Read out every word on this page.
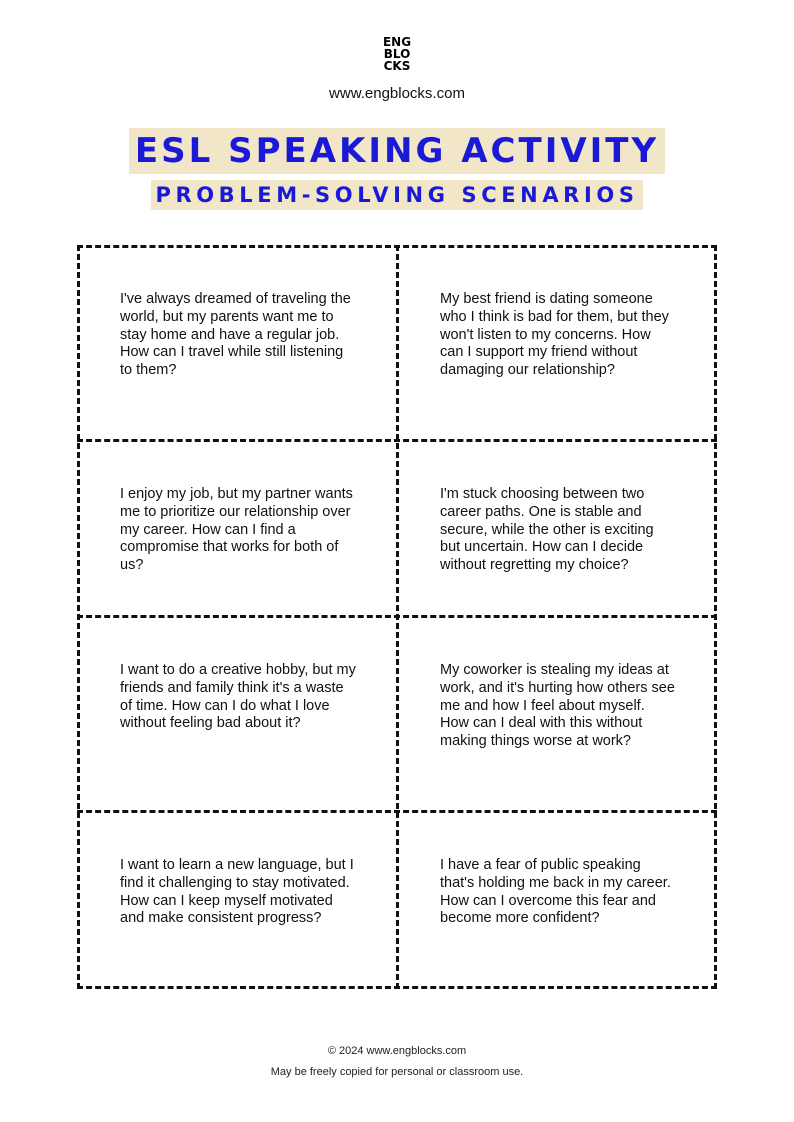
ENG
BLO
CKS
www.engblocks.com
ESL SPEAKING ACTIVITY
PROBLEM-SOLVING SCENARIOS
I've always dreamed of traveling the world, but my parents want me to stay home and have a regular job. How can I travel while still listening to them?
My best friend is dating someone who I think is bad for them, but they won't listen to my concerns. How can I support my friend without damaging our relationship?
I enjoy my job, but my partner wants me to prioritize our relationship over my career. How can I find a compromise that works for both of us?
I'm stuck choosing between two career paths. One is stable and secure, while the other is exciting but uncertain. How can I decide without regretting my choice?
I want to do a creative hobby, but my friends and family think it's a waste of time. How can I do what I love without feeling bad about it?
My coworker is stealing my ideas at work, and it's hurting how others see me and how I feel about myself. How can I deal with this without making things worse at work?
I want to learn a new language, but I find it challenging to stay motivated. How can I keep myself motivated and make consistent progress?
I have a fear of public speaking that's holding me back in my career. How can I overcome this fear and become more confident?
© 2024 www.engblocks.com
May be freely copied for personal or classroom use.
